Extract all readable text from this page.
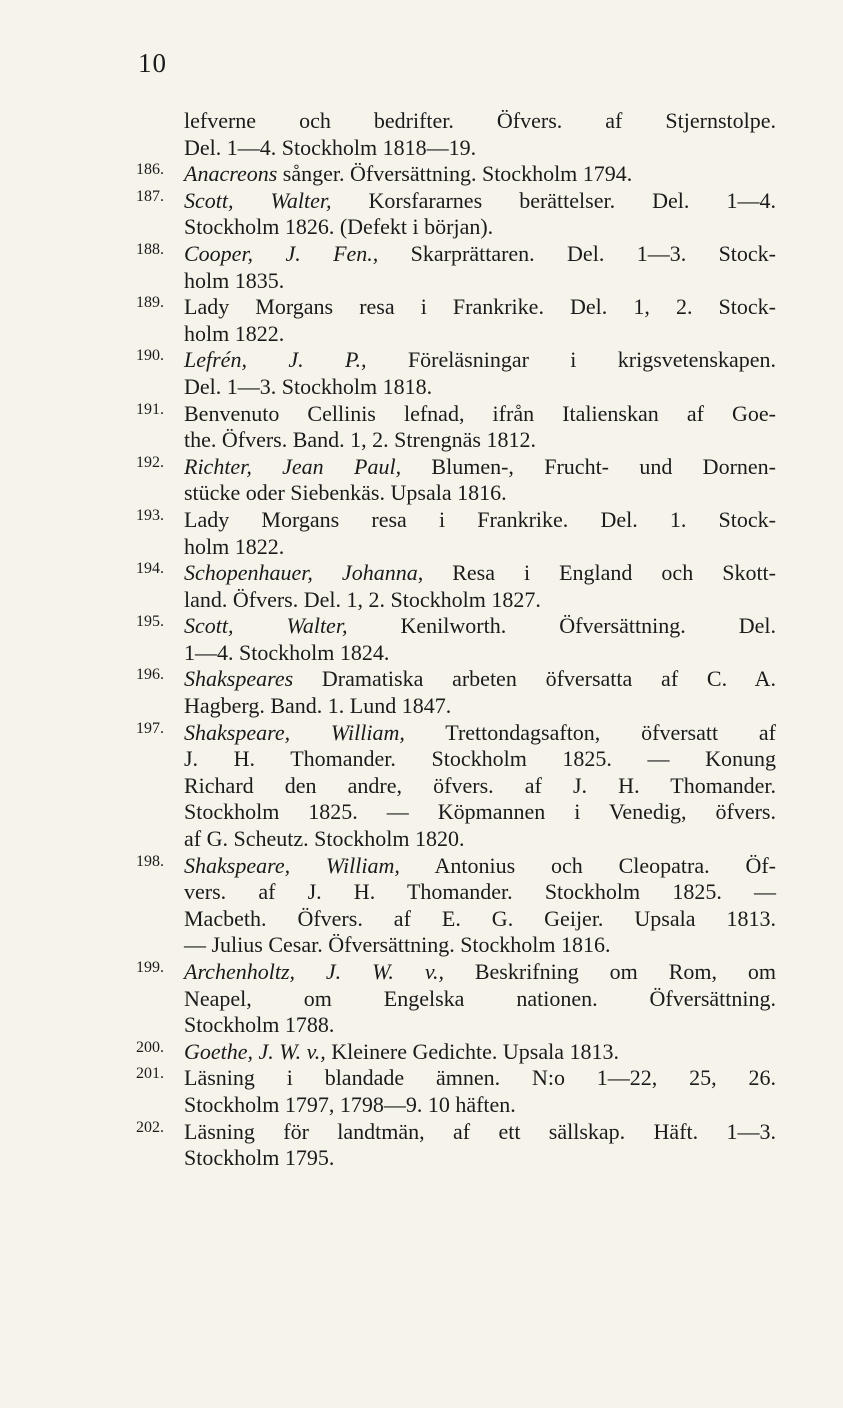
10

lefverne och bedrifter. Öfvers. af Stjernstolpe.
Del. 1—4. Stockholm 1818—19.

186. Anacreons sånger. Öfversättning. Stockholm 1794.

187. Scott, Walter, Korsfararnes berättelser. Del. 1—4.
Stockholm 1826. (Defekt i början).

188. Cooper, J. Fen., Skarprättaren. Del. 1—3. Stock-
holm 1835.

189. Lady Morgans resa i Frankrike. Del. 1, 2. Stock-
holm 1822.

190. Lefrén, J. P., Föreläsningar i krigsvetenskapen.
Del. 1—3. Stockholm 1818.

191. Benvenuto Cellinis lefnad, ifrån Italienskan af Goe-
the. Öfvers. Band. 1, 2. Strengnäs 1812.

192. Richter, Jean Paul, Blumen-, Frucht- und Dornen-
stücke oder Siebenkäs. Upsala 1816.

193. Lady Morgans resa i Frankrike. Del. 1. Stock-
holm 1822.

194. Schopenhauer, Johanna, Resa i England och Skott-
land. Öfvers. Del. 1, 2. Stockholm 1827.

195. Scott, Walter, Kenilworth. Öfversättning. Del.
1—4. Stockholm 1824.

196. Shakspeares Dramatiska arbeten öfversatta af C. A.
Hagberg. Band. 1. Lund 1847.

197. Shakspeare, William, Trettondagsafton, öfversatt af
J. H. Thomander. Stockholm 1825. — Konung
Richard den andre, öfvers. af J. H. Thomander.
Stockholm 1825. — Köpmannen i Venedig, öfvers.
af G. Scheutz. Stockholm 1820.

198. Shakspeare, William, Antonius och Cleopatra. Öf-
vers. af J. H. Thomander. Stockholm 1825. —
Macbeth. Öfvers. af E. G. Geijer. Upsala 1813.
— Julius Cesar. Öfversättning. Stockholm 1816.

199. Archenholtz, J. W. v., Beskrifning om Rom, om
Neapel, om Engelska nationen. Öfversättning.
Stockholm 1788.

200. Goethe, J. W. v., Kleinere Gedichte. Upsala 1813.

201. Läsning i blandade ämnen. N:o 1—22, 25, 26.
Stockholm 1797, 1798—9. 10 häften.

202. Läsning för landtmän, af ett sällskap. Häft. 1—3.
Stockholm 1795.
